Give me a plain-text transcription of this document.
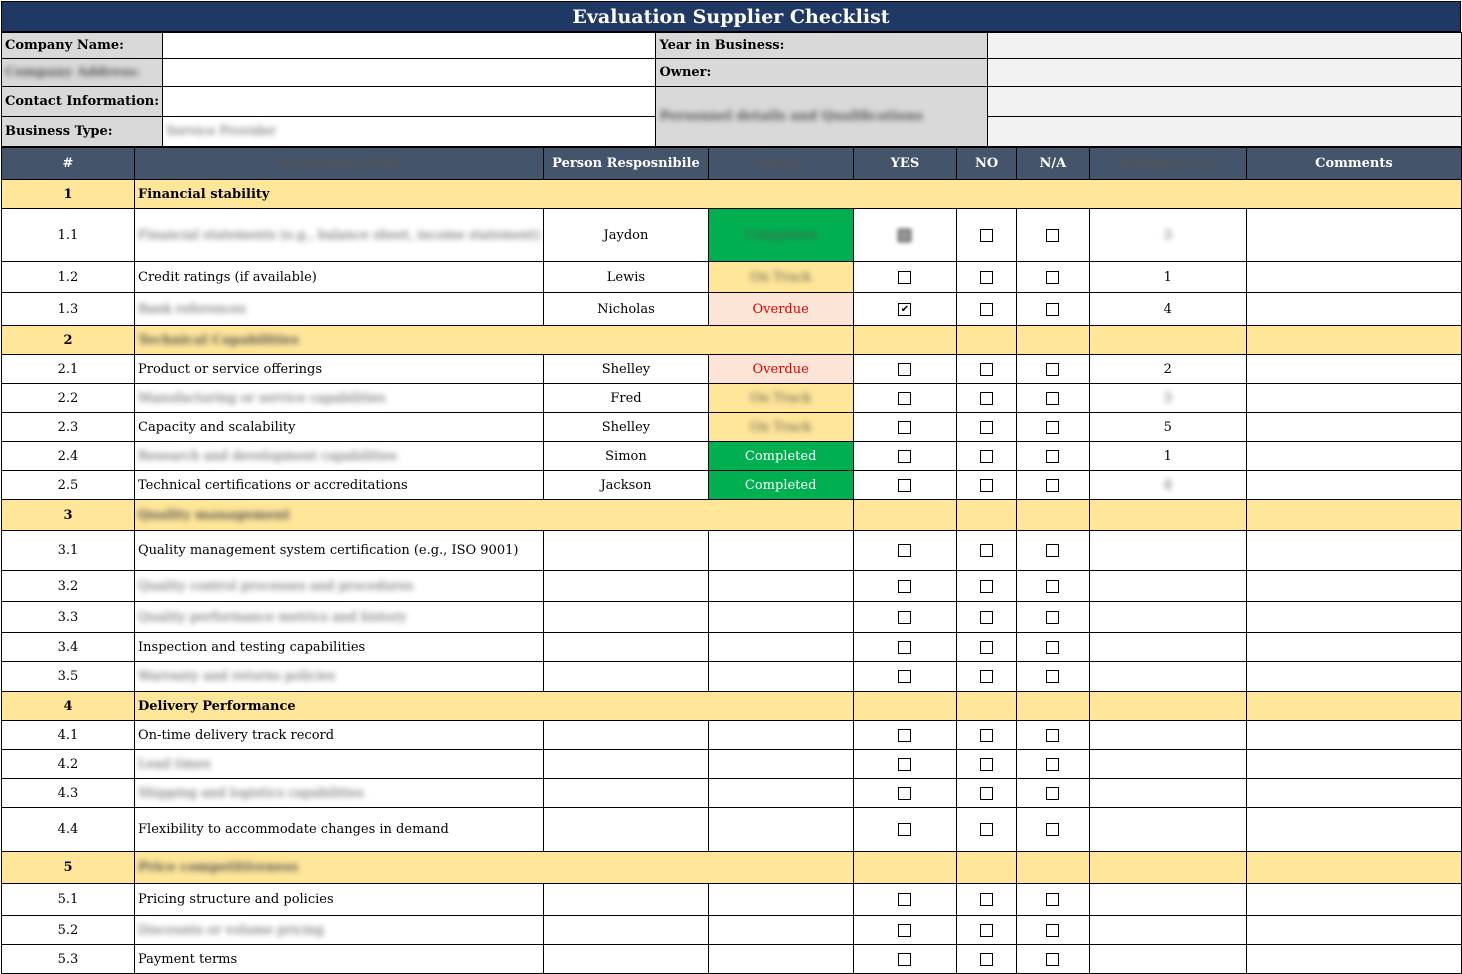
Evaluation Supplier Checklist
Company Name:		Year in Business:	
Company Address:		Owner:	
Contact Information:		Personnel details and Qualifications	
Business Type:	Service Provider		
#	Evaluation Field	Person Resposnibile	Status	YES	NO	N/A	Ratings (1-5)	Comments
1	Financial stability							
1.1	Financial statements (e.g., balance sheet, income statement)	Jaydon	Completed				3	
1.2	Credit ratings (if available)	Lewis	On Track				1	
1.3	Bank references	Nicholas	Overdue	✔			4	
2	Technical Capabilities							
2.1	Product or service offerings	Shelley	Overdue				2	
2.2	Manufacturing or service capabilities	Fred	On Track				3	
2.3	Capacity and scalability	Shelley	On Track				5	
2.4	Research and development capabilities	Simon	Completed				1	
2.5	Technical certifications or accreditations	Jackson	Completed				4	
3	Quality management							
3.1	Quality management system certification (e.g., ISO 9001)							
3.2	Quality control processes and procedures							
3.3	Quality performance metrics and history							
3.4	Inspection and testing capabilities							
3.5	Warranty and returns policies							
4	Delivery Performance							
4.1	On-time delivery track record							
4.2	Lead times							
4.3	Shipping and logistics capabilities							
4.4	Flexibility to accommodate changes in demand							
5	Price competitiveness							
5.1	Pricing structure and policies							
5.2	Discounts or volume pricing							
5.3	Payment terms							
